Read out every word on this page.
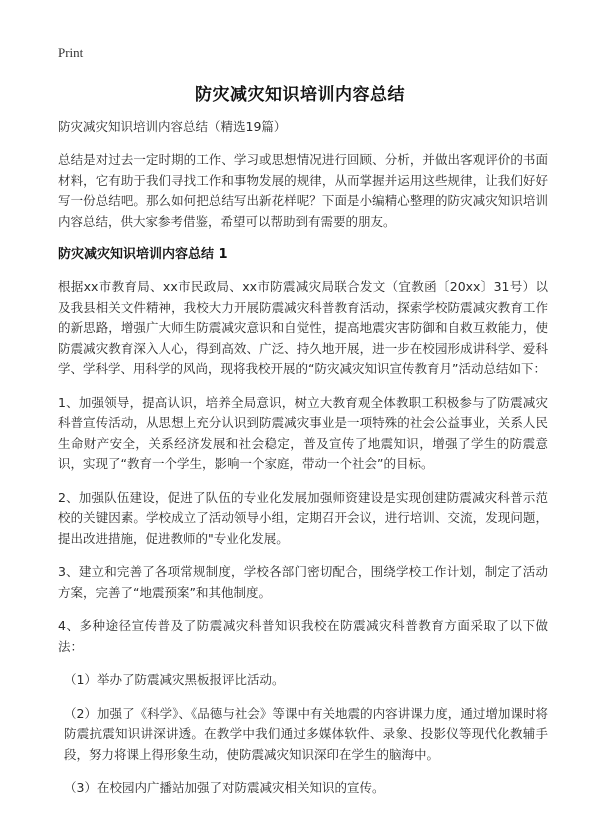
Print
防灾减灾知识培训内容总结

防灾减灾知识培训内容总结（精选19篇）

总结是对过去一定时期的工作、学习或思想情况进行回顾、分析，并做出客观评价的书面材料，它有助于我们寻找工作和事物发展的规律，从而掌握并运用这些规律，让我们好好写一份总结吧。那么如何把总结写出新花样呢？下面是小编精心整理的防灾减灾知识培训内容总结，供大家参考借鉴，希望可以帮助到有需要的朋友。

防灾减灾知识培训内容总结 1

根据xx市教育局、xx市民政局、xx市防震减灾局联合发文（宜教函〔20xx〕31号）以及我县相关文件精神，我校大力开展防震减灾科普教育活动，探索学校防震减灾教育工作的新思路，增强广大师生防震减灾意识和自觉性，提高地震灾害防御和自救互救能力，使防震减灾教育深入人心，得到高效、广泛、持久地开展，进一步在校园形成讲科学、爱科学、学科学、用科学的风尚，现将我校开展的“防灾减灾知识宣传教育月”活动总结如下：

1、加强领导，提高认识，培养全局意识，树立大教育观全体教职工积极参与了防震减灾科普宣传活动，从思想上充分认识到防震减灾事业是一项特殊的社会公益事业，关系人民生命财产安全，关系经济发展和社会稳定，普及宣传了地震知识，增强了学生的防震意识，实现了“教育一个学生，影响一个家庭，带动一个社会”的目标。

2、加强队伍建设，促进了队伍的专业化发展加强师资建设是实现创建防震减灾科普示范校的关键因素。学校成立了活动领导小组，定期召开会议，进行培训、交流，发现问题，提出改进措施，促进教师的"专业化发展。

3、建立和完善了各项常规制度，学校各部门密切配合，围绕学校工作计划，制定了活动方案，完善了“地震预案”和其他制度。

4、多种途径宣传普及了防震减灾科普知识我校在防震减灾科普教育方面采取了以下做法：

（1）举办了防震减灾黑板报评比活动。

（2）加强了《科学》、《品德与社会》等课中有关地震的内容讲课力度，通过增加课时将防震抗震知识讲深讲透。在教学中我们通过多媒体软件、录象、投影仪等现代化教辅手段，努力将课上得形象生动，使防震减灾知识深印在学生的脑海中。

（3）在校园内广播站加强了对防震减灾相关知识的宣传。
